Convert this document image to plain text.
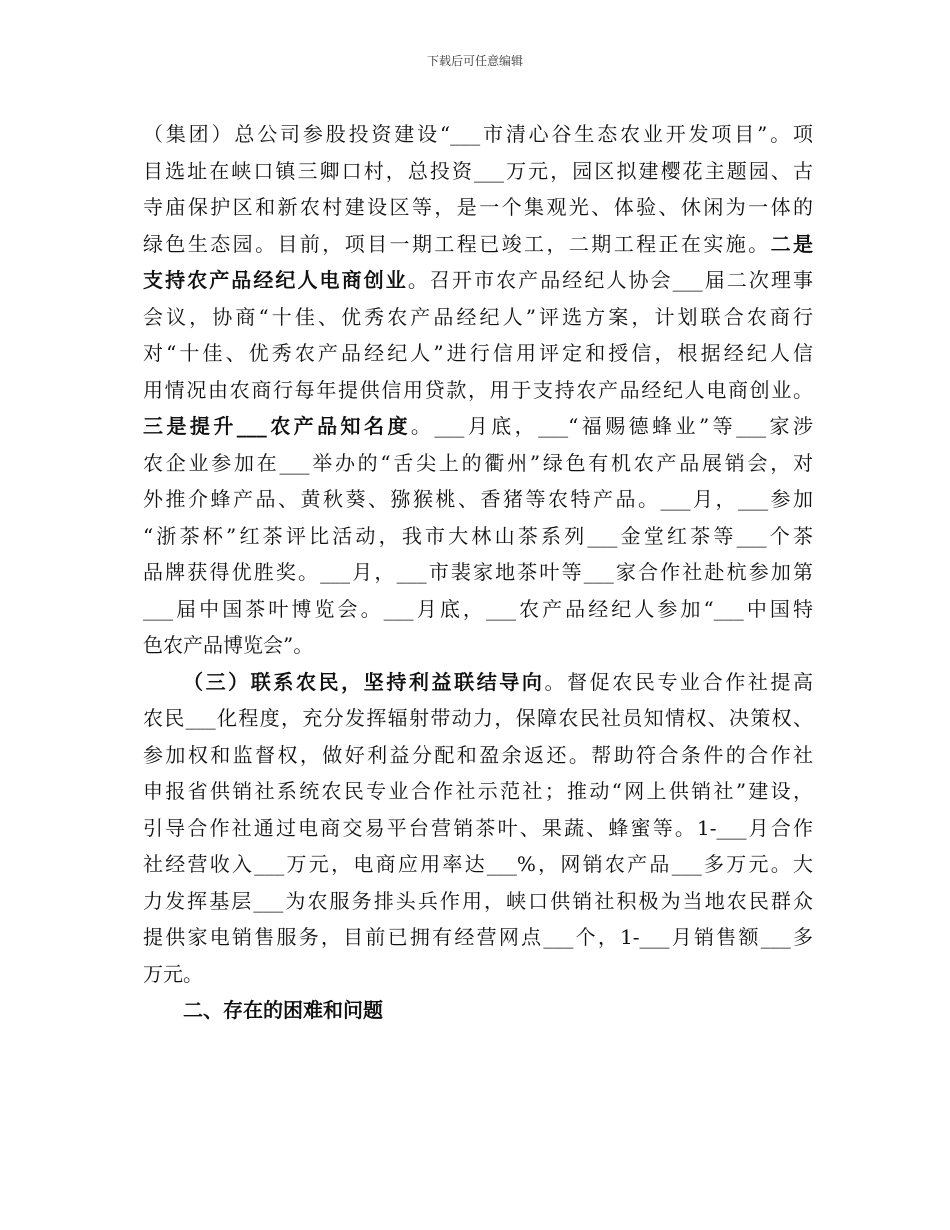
下载后可任意编辑
（集团）总公司参股投资建设“___市清心谷生态农业开发项目”。项
目选址在峡口镇三卿口村，总投资___万元，园区拟建樱花主题园、古
寺庙保护区和新农村建设区等，是一个集观光、体验、休闲为一体的
绿色生态园。目前，项目一期工程已竣工，二期工程正在实施。二是
支持农产品经纪人电商创业。召开市农产品经纪人协会___届二次理事
会议，协商“十佳、优秀农产品经纪人”评选方案，计划联合农商行
对“十佳、优秀农产品经纪人”进行信用评定和授信，根据经纪人信
用情况由农商行每年提供信用贷款，用于支持农产品经纪人电商创业。
三是提升___农产品知名度。___月底，___“福赐德蜂业”等___家涉
农企业参加在___举办的“舌尖上的衢州”绿色有机农产品展销会，对
外推介蜂产品、黄秋葵、猕猴桃、香猪等农特产品。___月，___参加
“浙茶杯”红茶评比活动，我市大林山茶系列___金堂红茶等___个茶
品牌获得优胜奖。___月，___市裴家地茶叶等___家合作社赴杭参加第
___届中国茶叶博览会。___月底，___农产品经纪人参加“___中国特
色农产品博览会”。
（三）联系农民，坚持利益联结导向。督促农民专业合作社提高
农民___化程度，充分发挥辐射带动力，保障农民社员知情权、决策权、
参加权和监督权，做好利益分配和盈余返还。帮助符合条件的合作社
申报省供销社系统农民专业合作社示范社；推动“网上供销社”建设，
引导合作社通过电商交易平台营销茶叶、果蔬、蜂蜜等。1-___月合作
社经营收入___万元，电商应用率达___%，网销农产品___多万元。大
力发挥基层___为农服务排头兵作用，峡口供销社积极为当地农民群众
提供家电销售服务，目前已拥有经营网点___个，1-___月销售额___多
万元。
二、存在的困难和问题
